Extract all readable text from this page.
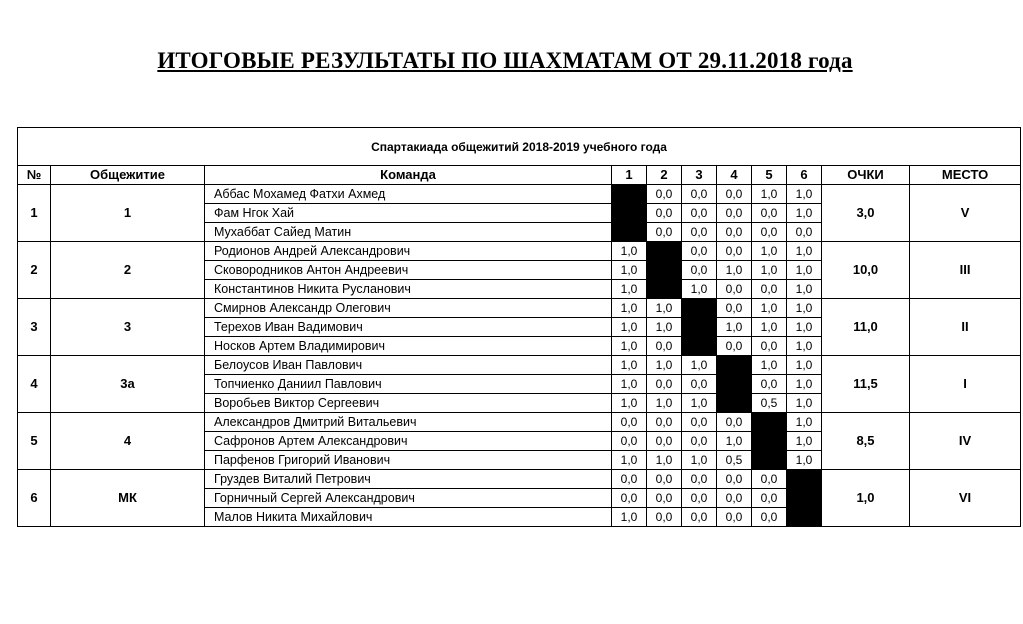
ИТОГОВЫЕ РЕЗУЛЬТАТЫ ПО ШАХМАТАМ ОТ 29.11.2018 года
Спартакиада общежитий 2018-2019 учебного года										
№	Общежитие	Команда	1	2	3	4	5	6	ОЧКИ	МЕСТО
1	1	Аббас Мохамед Фатхи Ахмед		0,0	0,0	0,0	1,0	1,0	3,0	V
		Фам Нгок Хай		0,0	0,0	0,0	0,0	1,0		
		Мухаббат Сайед Матин		0,0	0,0	0,0	0,0	0,0		
2	2	Родионов Андрей Александрович	1,0		0,0	0,0	1,0	1,0	10,0	III
		Сковородников Антон Андреевич	1,0		0,0	1,0	1,0	1,0		
		Константинов Никита Русланович	1,0		1,0	0,0	0,0	1,0		
3	3	Смирнов Александр Олегович	1,0	1,0		0,0	1,0	1,0	11,0	II
		Терехов Иван Вадимович	1,0	1,0		1,0	1,0	1,0		
		Носков Артем Владимирович	1,0	0,0		0,0	0,0	1,0		
4	3а	Белоусов Иван Павлович	1,0	1,0	1,0		1,0	1,0	11,5	I
		Топчиенко Даниил Павлович	1,0	0,0	0,0		0,0	1,0		
		Воробьев Виктор Сергеевич	1,0	1,0	1,0		0,5	1,0		
5	4	Александров Дмитрий Витальевич	0,0	0,0	0,0	0,0		1,0	8,5	IV
		Сафронов Артем Александрович	0,0	0,0	0,0	1,0		1,0		
		Парфенов Григорий Иванович	1,0	1,0	1,0	0,5		1,0		
6	МК	Груздев Виталий Петрович	0,0	0,0	0,0	0,0	0,0		1,0	VI
		Горничный Сергей Александрович	0,0	0,0	0,0	0,0	0,0			
		Малов Никита Михайлович	1,0	0,0	0,0	0,0	0,0			
